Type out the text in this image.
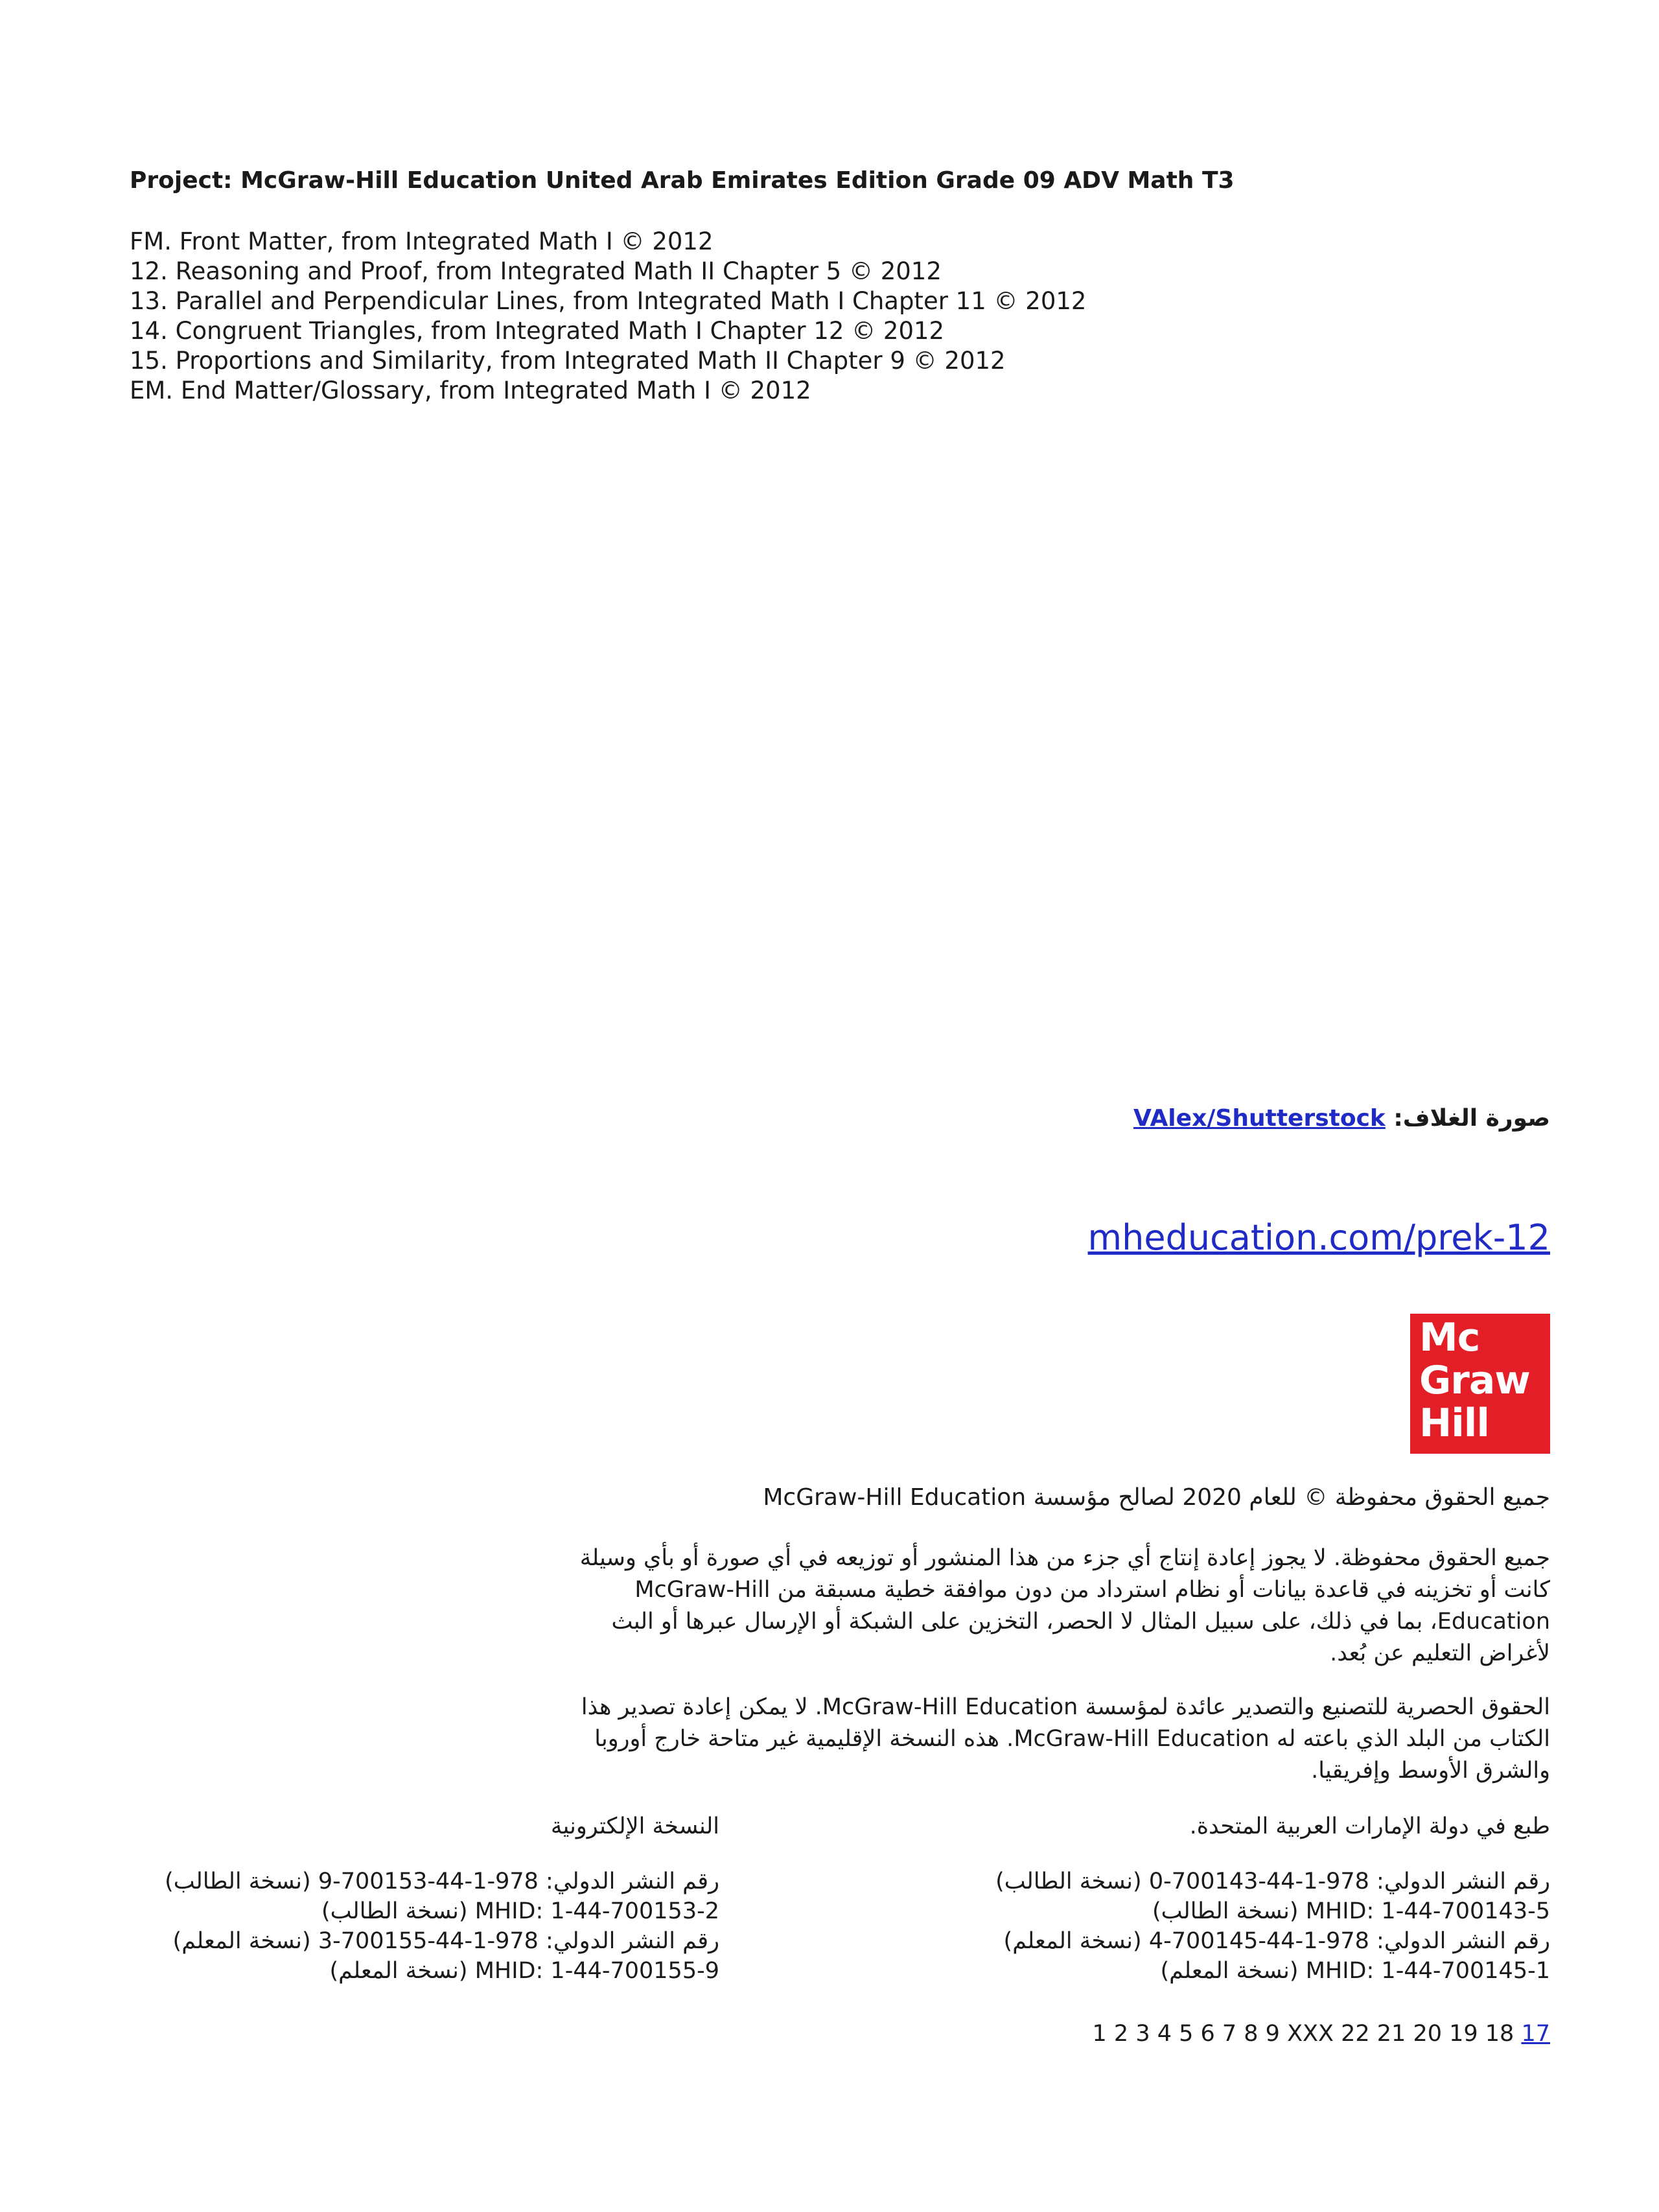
Project: McGraw-Hill Education United Arab Emirates Edition Grade 09 ADV Math T3
FM. Front Matter, from Integrated Math I © 2012
12. Reasoning and Proof, from Integrated Math II Chapter 5 © 2012
13. Parallel and Perpendicular Lines, from Integrated Math I Chapter 11 © 2012
14. Congruent Triangles, from Integrated Math I Chapter 12 © 2012
15. Proportions and Similarity, from Integrated Math II Chapter 9 © 2012
EM. End Matter/Glossary, from Integrated Math I © 2012
صورة الغلاف: VAlex/Shutterstock
mheducation.com/prek-12
Mc
Graw
Hill
جميع الحقوق محفوظة © للعام 2020 لصالح مؤسسة McGraw-Hill Education
جميع الحقوق محفوظة. لا يجوز إعادة إنتاج أي جزء من هذا المنشور أو توزيعه في أي صورة أو بأي وسيلة كانت أو تخزينه في قاعدة بيانات أو نظام استرداد من دون موافقة خطية مسبقة من McGraw-Hill Education، بما في ذلك، على سبيل المثال لا الحصر، التخزين على الشبكة أو الإرسال عبرها أو البث لأغراض التعليم عن بُعد.
الحقوق الحصرية للتصنيع والتصدير عائدة لمؤسسة McGraw-Hill Education. لا يمكن إعادة تصدير هذا الكتاب من البلد الذي باعته له McGraw-Hill Education. هذه النسخة الإقليمية غير متاحة خارج أوروبا والشرق الأوسط وإفريقيا.
طبع في دولة الإمارات العربية المتحدة.
النسخة الإلكترونية
رقم النشر الدولي: 978-1-44-700143-0 (نسخة الطالب)
MHID: 1-44-700143-5 (نسخة الطالب)
رقم النشر الدولي: 978-1-44-700145-4 (نسخة المعلم)
MHID: 1-44-700145-1 (نسخة المعلم)
رقم النشر الدولي: 978-1-44-700153-9 (نسخة الطالب)
MHID: 1-44-700153-2 (نسخة الطالب)
رقم النشر الدولي: 978-1-44-700155-3 (نسخة المعلم)
MHID: 1-44-700155-9 (نسخة المعلم)
1 2 3 4 5 6 7 8 9 XXX 22 21 20 19 18 17
